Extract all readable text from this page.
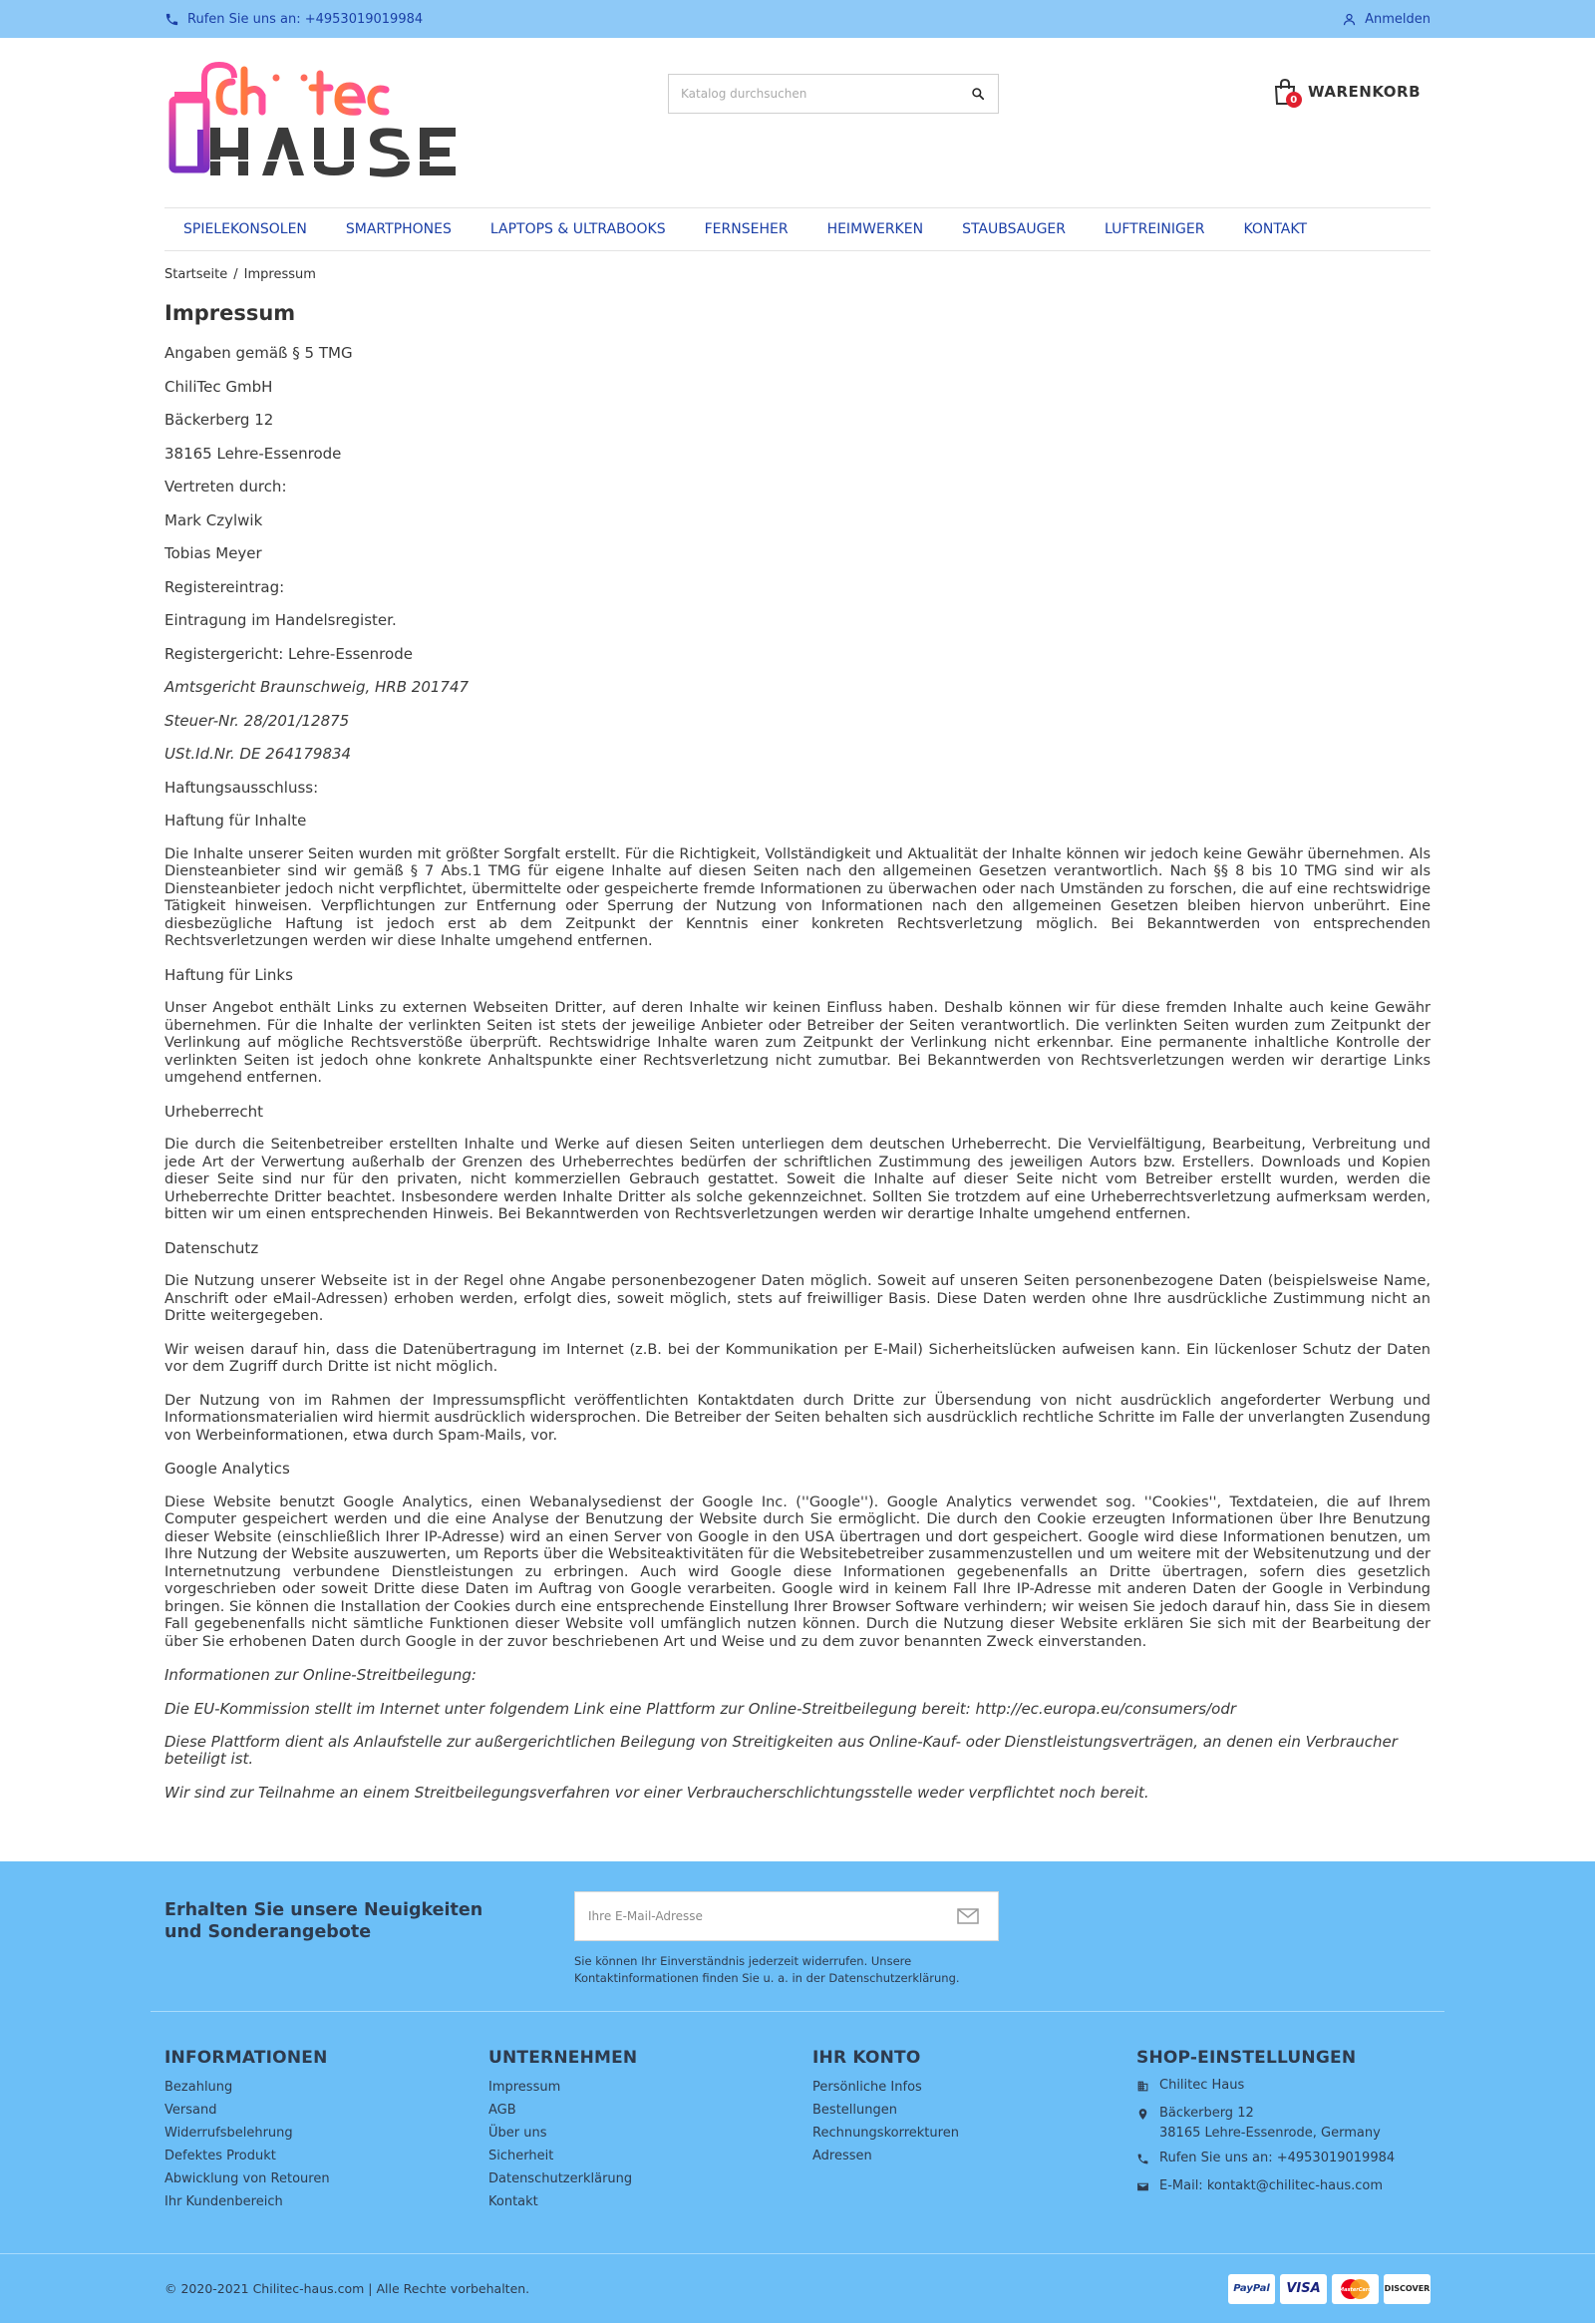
Rufen Sie uns an: +4953019019984	Anmelden
Katalog durchsuchen
0 WARENKORB
SPIELEKONSOLEN	SMARTPHONES	LAPTOPS & ULTRABOOKS	FERNSEHER	HEIMWERKEN	STAUBSAUGER	LUFTREINIGER	KONTAKT
Startseite / Impressum
Impressum

Angaben gemäß § 5 TMG

ChiliTec GmbH

Bäckerberg 12

38165 Lehre-Essenrode

Vertreten durch:

Mark Czylwik

Tobias Meyer

Registereintrag:

Eintragung im Handelsregister.

Registergericht: Lehre-Essenrode

Amtsgericht Braunschweig, HRB 201747

Steuer-Nr. 28/201/12875

USt.Id.Nr. DE 264179834

Haftungsausschluss:

Haftung für Inhalte

Die Inhalte unserer Seiten wurden mit größter Sorgfalt erstellt. Für die Richtigkeit, Vollständigkeit und Aktualität der Inhalte können wir jedoch keine Gewähr übernehmen. Als Diensteanbieter sind wir gemäß § 7 Abs.1 TMG für eigene Inhalte auf diesen Seiten nach den allgemeinen Gesetzen verantwortlich. Nach §§ 8 bis 10 TMG sind wir als Diensteanbieter jedoch nicht verpflichtet, übermittelte oder gespeicherte fremde Informationen zu überwachen oder nach Umständen zu forschen, die auf eine rechtswidrige Tätigkeit hinweisen. Verpflichtungen zur Entfernung oder Sperrung der Nutzung von Informationen nach den allgemeinen Gesetzen bleiben hiervon unberührt. Eine diesbezügliche Haftung ist jedoch erst ab dem Zeitpunkt der Kenntnis einer konkreten Rechtsverletzung möglich. Bei Bekanntwerden von entsprechenden Rechtsverletzungen werden wir diese Inhalte umgehend entfernen.

Haftung für Links

Unser Angebot enthält Links zu externen Webseiten Dritter, auf deren Inhalte wir keinen Einfluss haben. Deshalb können wir für diese fremden Inhalte auch keine Gewähr übernehmen. Für die Inhalte der verlinkten Seiten ist stets der jeweilige Anbieter oder Betreiber der Seiten verantwortlich. Die verlinkten Seiten wurden zum Zeitpunkt der Verlinkung auf mögliche Rechtsverstöße überprüft. Rechtswidrige Inhalte waren zum Zeitpunkt der Verlinkung nicht erkennbar. Eine permanente inhaltliche Kontrolle der verlinkten Seiten ist jedoch ohne konkrete Anhaltspunkte einer Rechtsverletzung nicht zumutbar. Bei Bekanntwerden von Rechtsverletzungen werden wir derartige Links umgehend entfernen.

Urheberrecht

Die durch die Seitenbetreiber erstellten Inhalte und Werke auf diesen Seiten unterliegen dem deutschen Urheberrecht. Die Vervielfältigung, Bearbeitung, Verbreitung und jede Art der Verwertung außerhalb der Grenzen des Urheberrechtes bedürfen der schriftlichen Zustimmung des jeweiligen Autors bzw. Erstellers. Downloads und Kopien dieser Seite sind nur für den privaten, nicht kommerziellen Gebrauch gestattet. Soweit die Inhalte auf dieser Seite nicht vom Betreiber erstellt wurden, werden die Urheberrechte Dritter beachtet. Insbesondere werden Inhalte Dritter als solche gekennzeichnet. Sollten Sie trotzdem auf eine Urheberrechtsverletzung aufmerksam werden, bitten wir um einen entsprechenden Hinweis. Bei Bekanntwerden von Rechtsverletzungen werden wir derartige Inhalte umgehend entfernen.

Datenschutz

Die Nutzung unserer Webseite ist in der Regel ohne Angabe personenbezogener Daten möglich. Soweit auf unseren Seiten personenbezogene Daten (beispielsweise Name, Anschrift oder eMail-Adressen) erhoben werden, erfolgt dies, soweit möglich, stets auf freiwilliger Basis. Diese Daten werden ohne Ihre ausdrückliche Zustimmung nicht an Dritte weitergegeben.

Wir weisen darauf hin, dass die Datenübertragung im Internet (z.B. bei der Kommunikation per E-Mail) Sicherheitslücken aufweisen kann. Ein lückenloser Schutz der Daten vor dem Zugriff durch Dritte ist nicht möglich.

Der Nutzung von im Rahmen der Impressumspflicht veröffentlichten Kontaktdaten durch Dritte zur Übersendung von nicht ausdrücklich angeforderter Werbung und Informationsmaterialien wird hiermit ausdrücklich widersprochen. Die Betreiber der Seiten behalten sich ausdrücklich rechtliche Schritte im Falle der unverlangten Zusendung von Werbeinformationen, etwa durch Spam-Mails, vor.

Google Analytics

Diese Website benutzt Google Analytics, einen Webanalysedienst der Google Inc. (''Google''). Google Analytics verwendet sog. ''Cookies'', Textdateien, die auf Ihrem Computer gespeichert werden und die eine Analyse der Benutzung der Website durch Sie ermöglicht. Die durch den Cookie erzeugten Informationen über Ihre Benutzung dieser Website (einschließlich Ihrer IP-Adresse) wird an einen Server von Google in den USA übertragen und dort gespeichert. Google wird diese Informationen benutzen, um Ihre Nutzung der Website auszuwerten, um Reports über die Websiteaktivitäten für die Websitebetreiber zusammenzustellen und um weitere mit der Websitenutzung und der Internetnutzung verbundene Dienstleistungen zu erbringen. Auch wird Google diese Informationen gegebenenfalls an Dritte übertragen, sofern dies gesetzlich vorgeschrieben oder soweit Dritte diese Daten im Auftrag von Google verarbeiten. Google wird in keinem Fall Ihre IP-Adresse mit anderen Daten der Google in Verbindung bringen. Sie können die Installation der Cookies durch eine entsprechende Einstellung Ihrer Browser Software verhindern; wir weisen Sie jedoch darauf hin, dass Sie in diesem Fall gegebenenfalls nicht sämtliche Funktionen dieser Website voll umfänglich nutzen können. Durch die Nutzung dieser Website erklären Sie sich mit der Bearbeitung der über Sie erhobenen Daten durch Google in der zuvor beschriebenen Art und Weise und zu dem zuvor benannten Zweck einverstanden.

Informationen zur Online-Streitbeilegung:

Die EU-Kommission stellt im Internet unter folgendem Link eine Plattform zur Online-Streitbeilegung bereit: http://ec.europa.eu/consumers/odr

Diese Plattform dient als Anlaufstelle zur außergerichtlichen Beilegung von Streitigkeiten aus Online-Kauf- oder Dienstleistungsverträgen, an denen ein Verbraucher beteiligt ist.

Wir sind zur Teilnahme an einem Streitbeilegungsverfahren vor einer Verbraucherschlichtungsstelle weder verpflichtet noch bereit.

Erhalten Sie unsere Neuigkeiten und Sonderangebote
Ihre E-Mail-Adresse
Sie können Ihr Einverständnis jederzeit widerrufen. Unsere Kontaktinformationen finden Sie u. a. in der Datenschutzerklärung.
INFORMATIONEN
Bezahlung
Versand
Widerrufsbelehrung
Defektes Produkt
Abwicklung von Retouren
Ihr Kundenbereich
UNTERNEHMEN
Impressum
AGB
Über uns
Sicherheit
Datenschutzerklärung
Kontakt
IHR KONTO
Persönliche Infos
Bestellungen
Rechnungskorrekturen
Adressen
SHOP-EINSTELLUNGEN
Chilitec Haus
Bäckerberg 12
38165 Lehre-Essenrode, Germany
Rufen Sie uns an: +4953019019984
E-Mail: kontakt@chilitec-haus.com
© 2020-2021 Chilitec-haus.com | Alle Rechte vorbehalten.	PayPal	VISA	MasterCard DISCOVER
